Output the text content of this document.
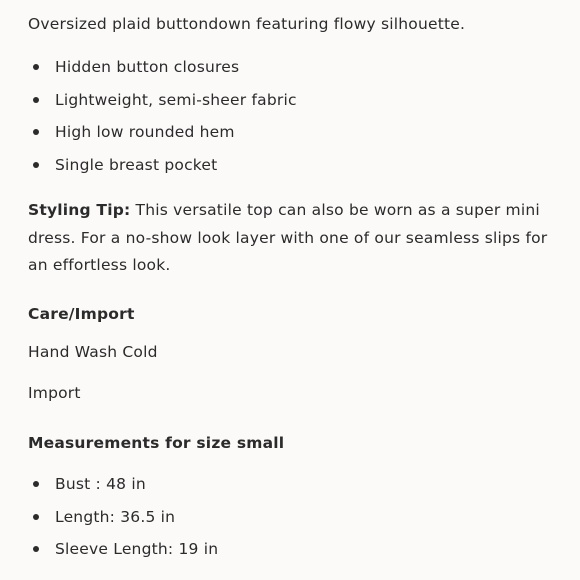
Oversized plaid buttondown featuring flowy silhouette.
Hidden button closures
Lightweight, semi-sheer fabric
High low rounded hem
Single breast pocket
Styling Tip: This versatile top can also be worn as a super mini dress. For a no-show look layer with one of our seamless slips for an effortless look.
Care/Import
Hand Wash Cold
Import
Measurements for size small
Bust : 48 in
Length: 36.5 in
Sleeve Length: 19 in
